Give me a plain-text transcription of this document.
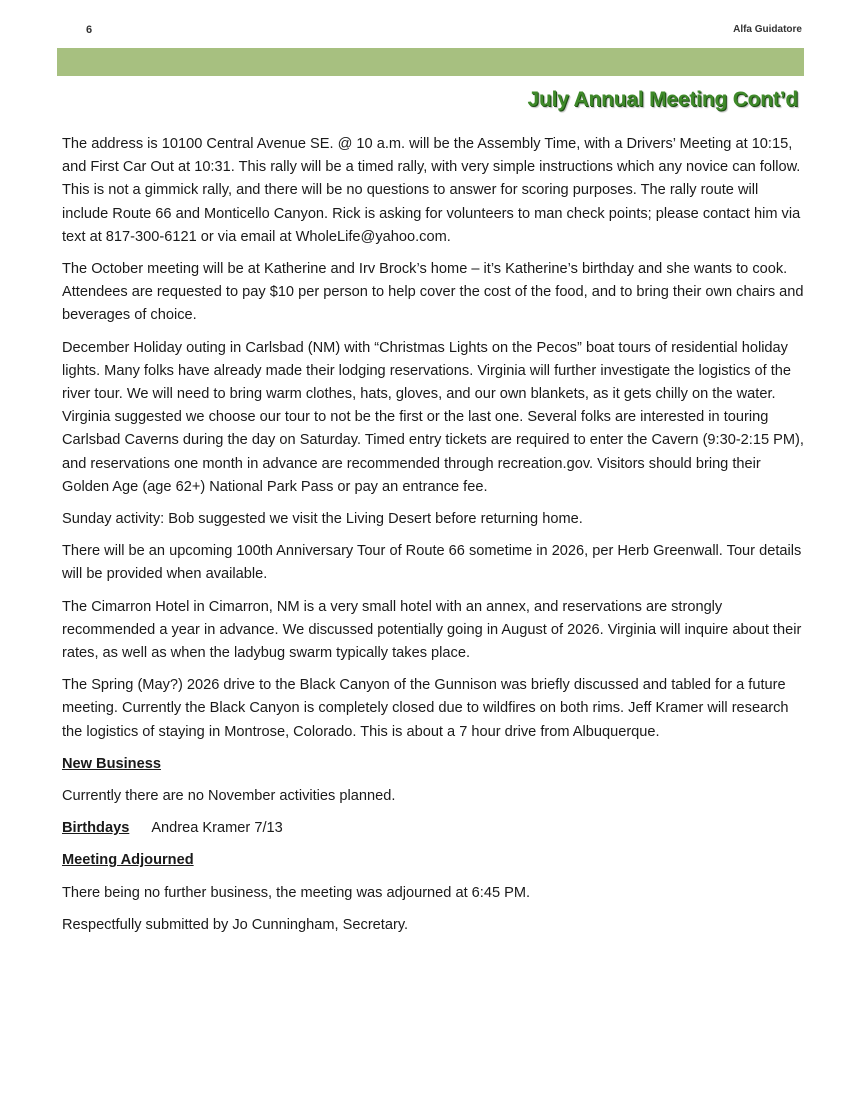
6	Alfa Guidatore
July Annual Meeting Cont’d

The address is 10100 Central Avenue SE. @ 10 a.m. will be the Assembly Time, with a Drivers’ Meeting at 10:15, and First Car Out at 10:31. This rally will be a timed rally, with very simple instructions which any novice can follow. This is not a gimmick rally, and there will be no questions to answer for scoring purposes. The rally route will include Route 66 and Monticello Canyon. Rick is asking for volunteers to man check points; please contact him via text at 817-300-6121 or via email at WholeLife@yahoo.com.

The October meeting will be at Katherine and Irv Brock’s home – it’s Katherine’s birthday and she wants to cook. Attendees are requested to pay $10 per person to help cover the cost of the food, and to bring their own chairs and beverages of choice.

December Holiday outing in Carlsbad (NM) with “Christmas Lights on the Pecos” boat tours of residential holiday lights. Many folks have already made their lodging reservations. Virginia will further investigate the logistics of the river tour. We will need to bring warm clothes, hats, gloves, and our own blankets, as it gets chilly on the water. Virginia suggested we choose our tour to not be the first or the last one. Several folks are interested in touring Carlsbad Caverns during the day on Saturday. Timed entry tickets are required to enter the Cavern (9:30-2:15 PM), and reservations one month in advance are recommended through recreation.gov. Visitors should bring their Golden Age (age 62+) National Park Pass or pay an entrance fee.

Sunday activity: Bob suggested we visit the Living Desert before returning home.

There will be an upcoming 100th Anniversary Tour of Route 66 sometime in 2026, per Herb Greenwall. Tour details will be provided when available.

The Cimarron Hotel in Cimarron, NM is a very small hotel with an annex, and reservations are strongly recommended a year in advance. We discussed potentially going in August of 2026. Virginia will inquire about their rates, as well as when the ladybug swarm typically takes place.

The Spring (May?) 2026 drive to the Black Canyon of the Gunnison was briefly discussed and tabled for a future meeting. Currently the Black Canyon is completely closed due to wildfires on both rims. Jeff Kramer will research the logistics of staying in Montrose, Colorado. This is about a 7 hour drive from Albuquerque.

New Business

Currently there are no November activities planned.

Birthdays Andrea Kramer 7/13

Meeting Adjourned

There being no further business, the meeting was adjourned at 6:45 PM.

Respectfully submitted by Jo Cunningham, Secretary.
